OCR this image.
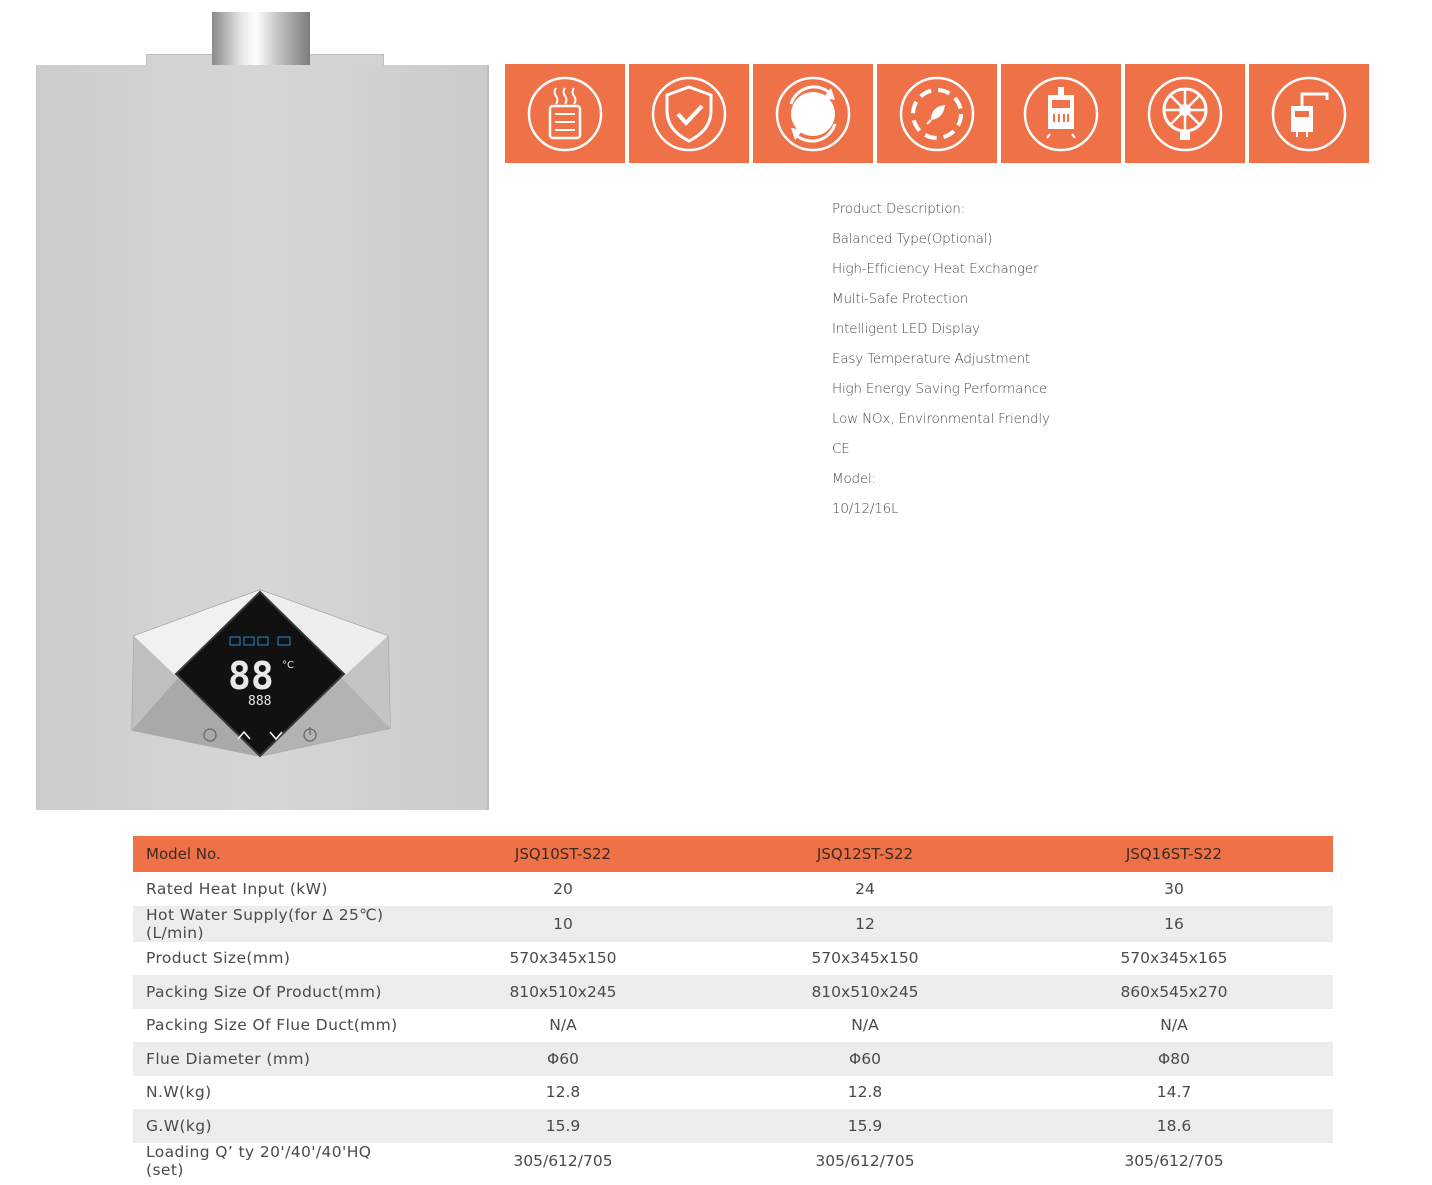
88 °C
888
Product Description:
Balanced Type(Optional)
High-Efficiency Heat Exchanger
Multi-Safe Protection
Intelligent LED Display
Easy Temperature Adjustment
High Energy Saving Performance
Low NOx, Environmental Friendly
CE
Model:
10/12/16L
Model No.	JSQ10ST-S22	JSQ12ST-S22	JSQ16ST-S22
Rated Heat Input (kW)	20	24	30
Hot Water Supply(for Δ 25℃)(L/min)	10	12	16
Product Size(mm)	570x345x150	570x345x150	570x345x165
Packing Size Of Product(mm)	810x510x245	810x510x245	860x545x270
Packing Size Of Flue Duct(mm)	N/A	N/A	N/A
Flue Diameter (mm)	Φ60	Φ60	Φ80
N.W(kg)	12.8	12.8	14.7
G.W(kg)	15.9	15.9	18.6
Loading Q’ ty 20'/40'/40'HQ (set)	305/612/705	305/612/705	305/612/705
